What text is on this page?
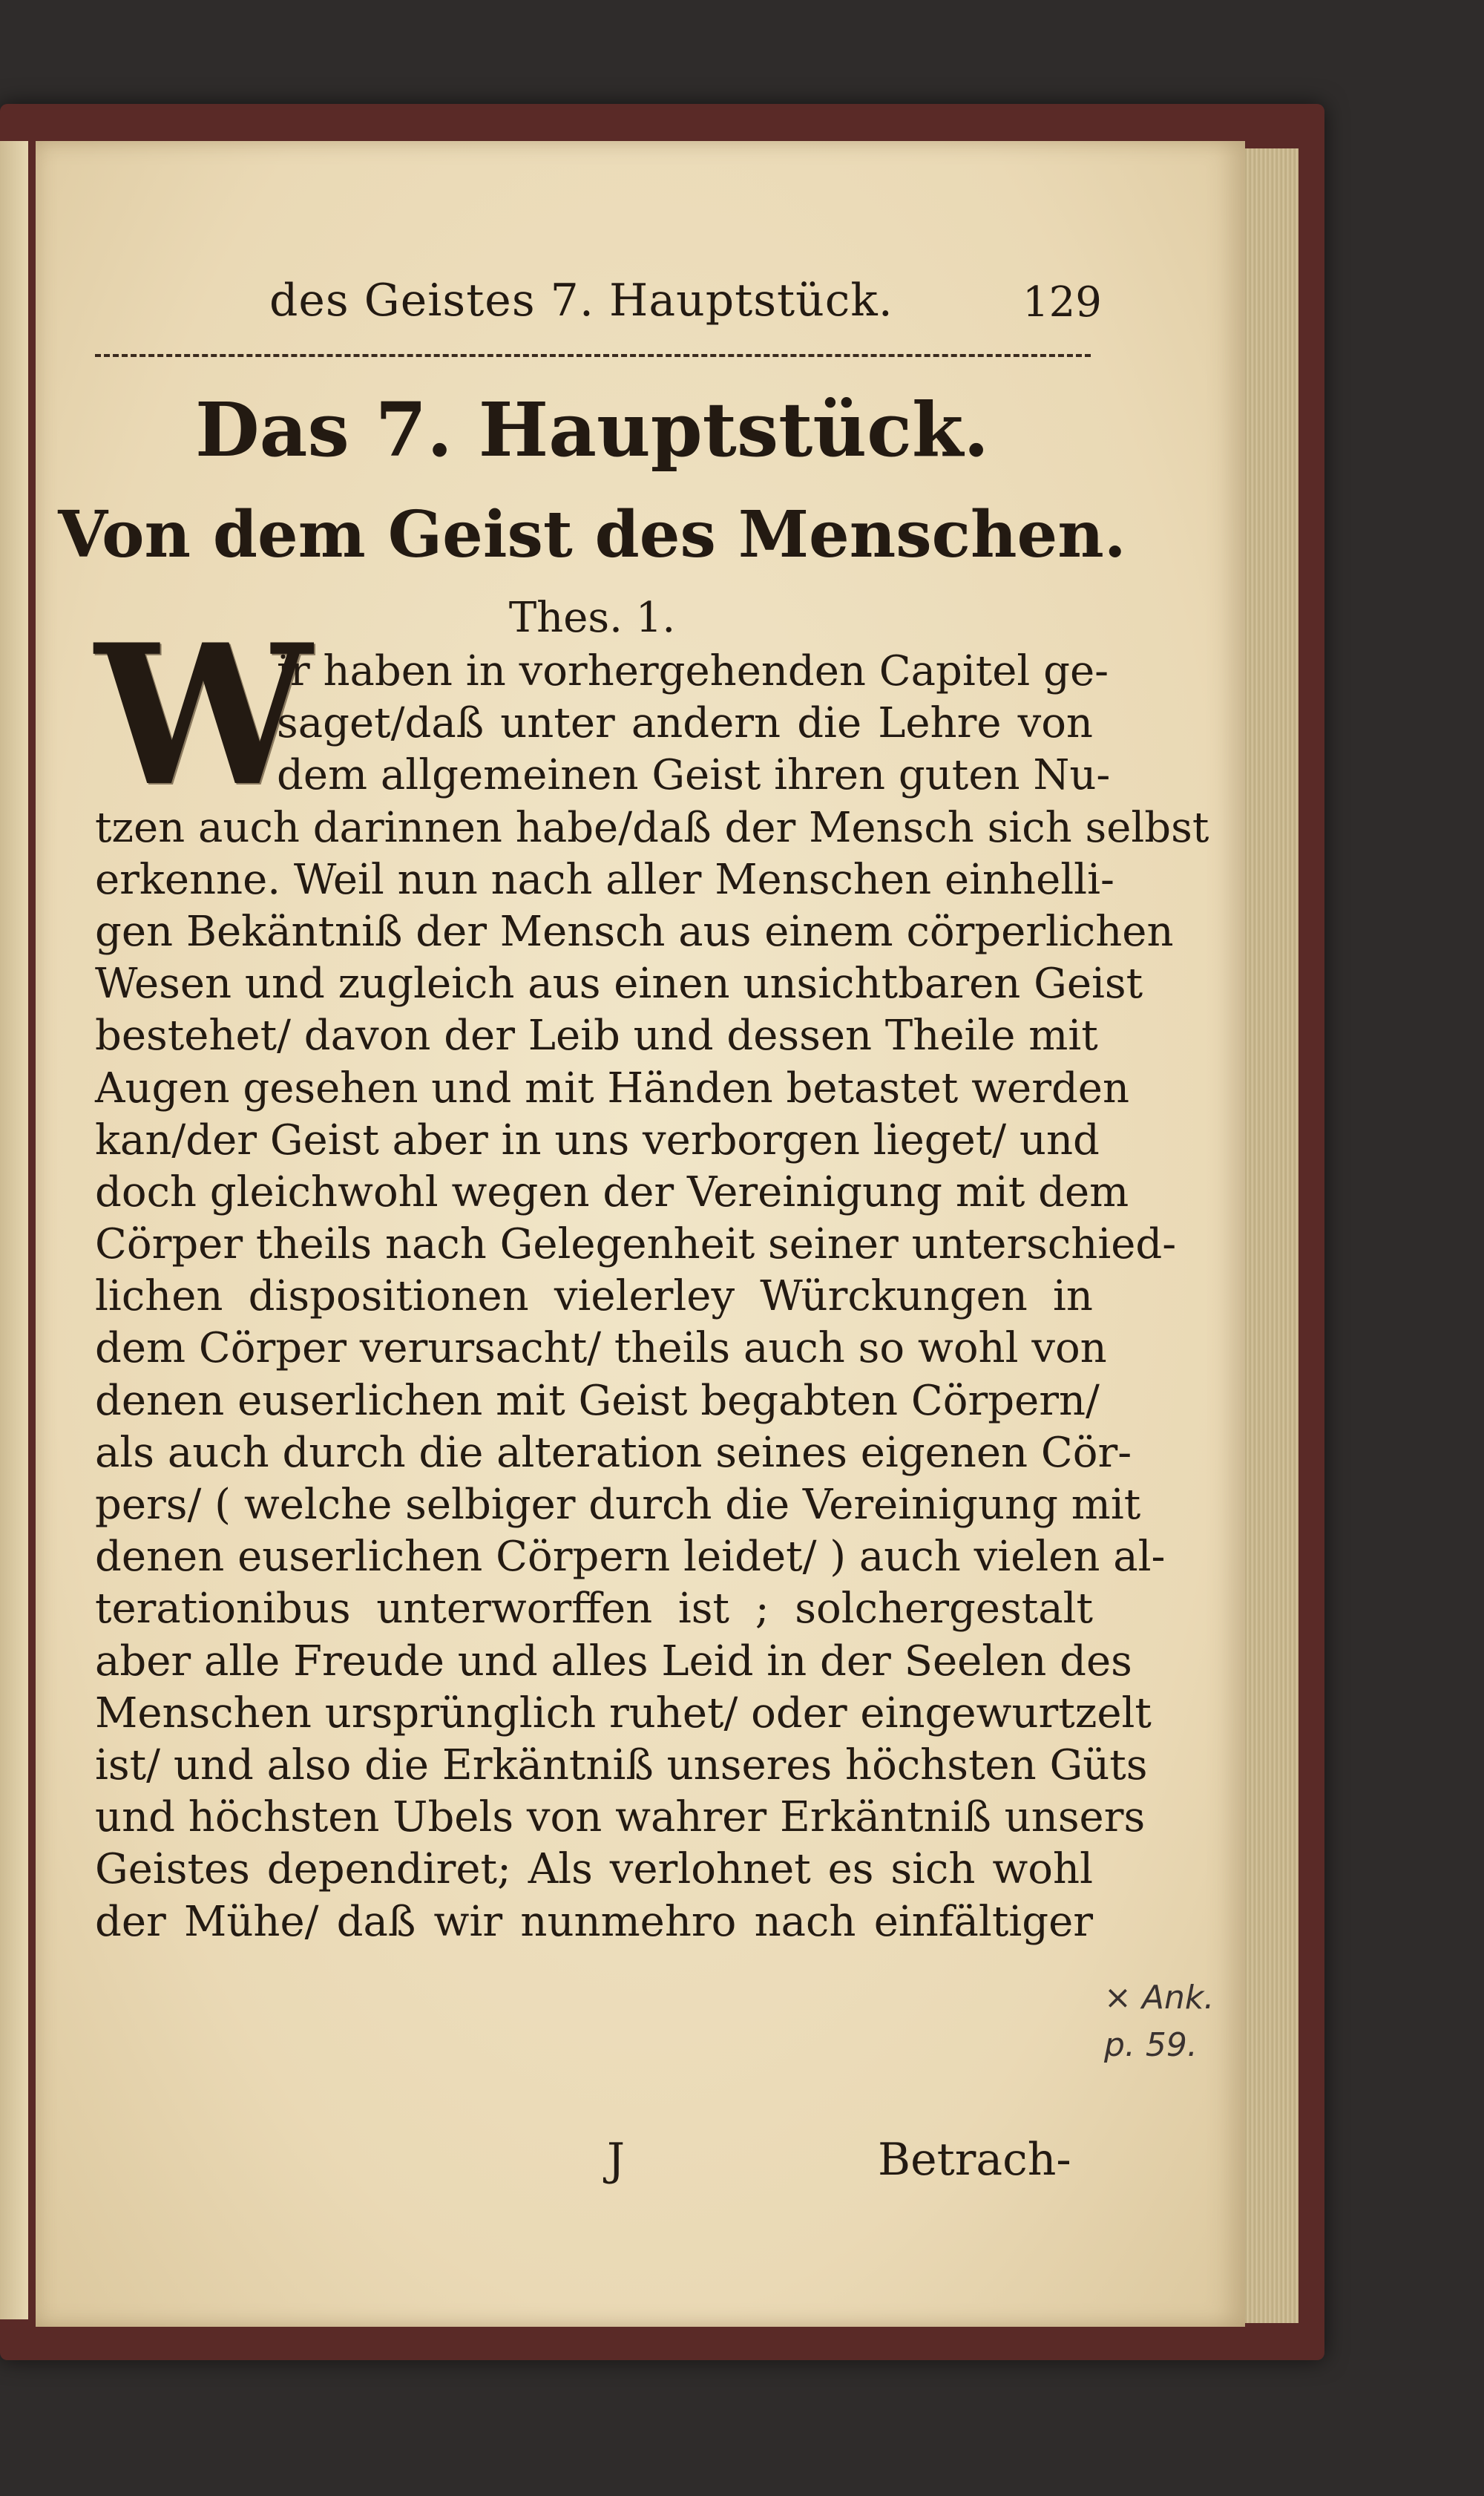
des Geistes 7. Hauptstück.	129
Das 7. Hauptstück.
Von dem Geist des Menschen.
Thes. 1.
W
ir haben in vorhergehenden Capitel ge-
saget/daß unter andern die Lehre von
dem allgemeinen Geist ihren guten Nu-
tzen auch darinnen habe/daß der Mensch sich selbst
erkenne. Weil nun nach aller Menschen einhelli-
gen Bekäntniß der Mensch aus einem cörperlichen
Wesen und zugleich aus einen unsichtbaren Geist
bestehet/ davon der Leib und dessen Theile mit
Augen gesehen und mit Händen betastet werden
kan/der Geist aber in uns verborgen lieget/ und
doch gleichwohl wegen der Vereinigung mit dem
Cörper theils nach Gelegenheit seiner unterschied-
lichen dispositionen vielerley Würckungen in
dem Cörper verursacht/ theils auch so wohl von
denen euserlichen mit Geist begabten Cörpern/
als auch durch die alteration seines eigenen Cör-
pers/ ( welche selbiger durch die Vereinigung mit
denen euserlichen Cörpern leidet/ ) auch vielen al-
terationibus unterworffen ist ; solchergestalt
aber alle Freude und alles Leid in der Seelen des
Menschen ursprünglich ruhet/ oder eingewurtzelt
ist/ und also die Erkäntniß unseres höchsten Güts
und höchsten Ubels von wahrer Erkäntniß unsers
Geistes dependiret; Als verlohnet es sich wohl
der Mühe/ daß wir nunmehro nach einfältiger
J	Betrach-
× Ank.
p. 59.
